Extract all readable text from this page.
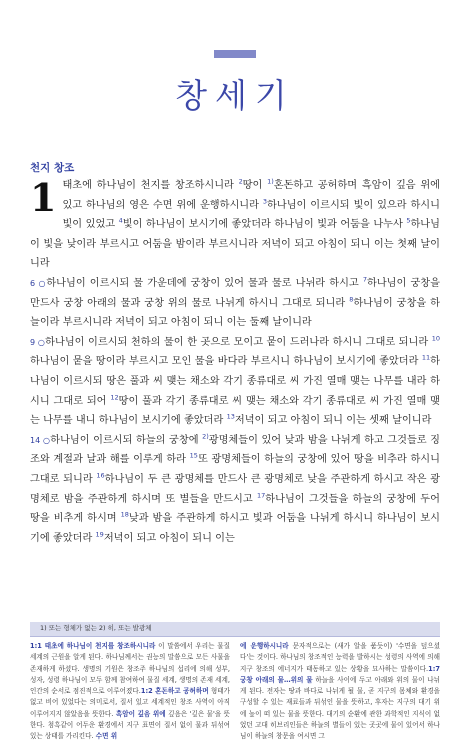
창세기
천지 창조
1 태초에 하나님이 천지를 창조하시니라 $^2$땅이 $^{1)}$혼돈하고 공허하며 흑암이 깊음 위에 있고 하나님의 영은 수면 위에 운행하시니라 $^3$하나님이 이르시되 빛이 있으라 하시니 빛이 있었고 $^4$빛이 하나님이 보시기에 좋았더라 하나님이 빛과 어둠을 나누사 $^5$하나님이 빛을 낮이라 부르시고 어둠을 밤이라 부르시니라 저녁이 되고 아침이 되니 이는 첫째 날이니라

6 ○하나님이 이르시되 물 가운데에 궁창이 있어 물과 물로 나뉘라 하시고 $^7$하나님이 궁창을 만드사 궁창 아래의 물과 궁창 위의 물로 나뉘게 하시니 그대로 되니라 $^8$하나님이 궁창을 하늘이라 부르시니라 저녁이 되고 아침이 되니 이는 둘째 날이니라

9 ○하나님이 이르시되 천하의 물이 한 곳으로 모이고 뭍이 드러나라 하시니 그대로 되니라 $^{10}$하나님이 뭍을 땅이라 부르시고 모인 물을 바다라 부르시니 하나님이 보시기에 좋았더라 $^{11}$하나님이 이르시되 땅은 풀과 씨 맺는 채소와 각기 종류대로 씨 가진 열매 맺는 나무를 내라 하시니 그대로 되어 $^{12}$땅이 풀과 각기 종류대로 씨 맺는 채소와 각기 종류대로 씨 가진 열매 맺는 나무를 내니 하나님이 보시기에 좋았더라 $^{13}$저녁이 되고 아침이 되니 이는 셋째 날이니라

14 ○하나님이 이르시되 하늘의 궁창에 $^{2)}$광명체들이 있어 낮과 밤을 나뉘게 하고 그것들로 징조와 계절과 날과 해를 이루게 하라 $^{15}$또 광명체들이 하늘의 궁창에 있어 땅을 비추라 하시니 그대로 되니라 $^{16}$하나님이 두 큰 광명체를 만드사 큰 광명체로 낮을 주관하게 하시고 작은 광명체로 밤을 주관하게 하시며 또 별들을 만드시고 $^{17}$하나님이 그것들을 하늘의 궁창에 두어 땅을 비추게 하시며 $^{18}$낮과 밤을 주관하게 하시고 빛과 어둠을 나뉘게 하시니 하나님이 보시기에 좋았더라 $^{19}$저녁이 되고 아침이 되니 이는

1) 또는 형체가 없는 2) 히, 또는 발광체
1:1 태초에 하나님이 천지를 창조하시니라 이 말씀에서 우리는 물질 세계의 근원을 알게 된다. 하나님께서는 권능의 말씀으로 모든 사물을 존재하게 하셨다. 생명의 기원은 창조주 하나님의 섭리에 의해 성부, 성자, 성령 하나님이 모두 함께 참여하여 물질 세계, 생명의 존재 세계, 인간의 순서로 점진적으로 이루어졌다.1:2 혼돈하고 공허하며 형태가 없고 비어 있었다는 의미로서, 질서 있고 세계적인 창조 사역이 아직 이루어지지 않았음을 뜻한다. 흑암이 깊음 위에 깊음은 '깊은 물'을 뜻한다. 첨흑같이 어두운 환경에서 지구 표면이 질서 없이 물과 뒤섞여 있는 상태를 가리킨다. 수면 위
에 운행하시니라 문자적으로는 (새가 알을 품듯이) '수면을 덮으셨다'는 것이다. 하나님의 창조적인 능력을 발하시는 성령의 사역에 의해 지구 창조의 에너지가 태동하고 있는 상황을 묘사하는 말씀이다.1:7 궁창 아래의 물…위의 물 하늘을 사이에 두고 아래와 위의 물이 나뉘게 된다. 전자는 땅과 바다로 나뉘게 될 물, 곧 지구의 몸체와 환경을 구성할 수 있는 재료들과 뒤섞인 물을 뜻하고, 후자는 지구의 대기 위에 높이 떠 있는 물을 뜻한다. 대기의 순환에 관한 과학적인 지식이 없었던 고대 히브리인들은 하늘의 별들이 있는 곳곳에 물이 있어서 하나님이 하늘의 창문을 여시면 그
